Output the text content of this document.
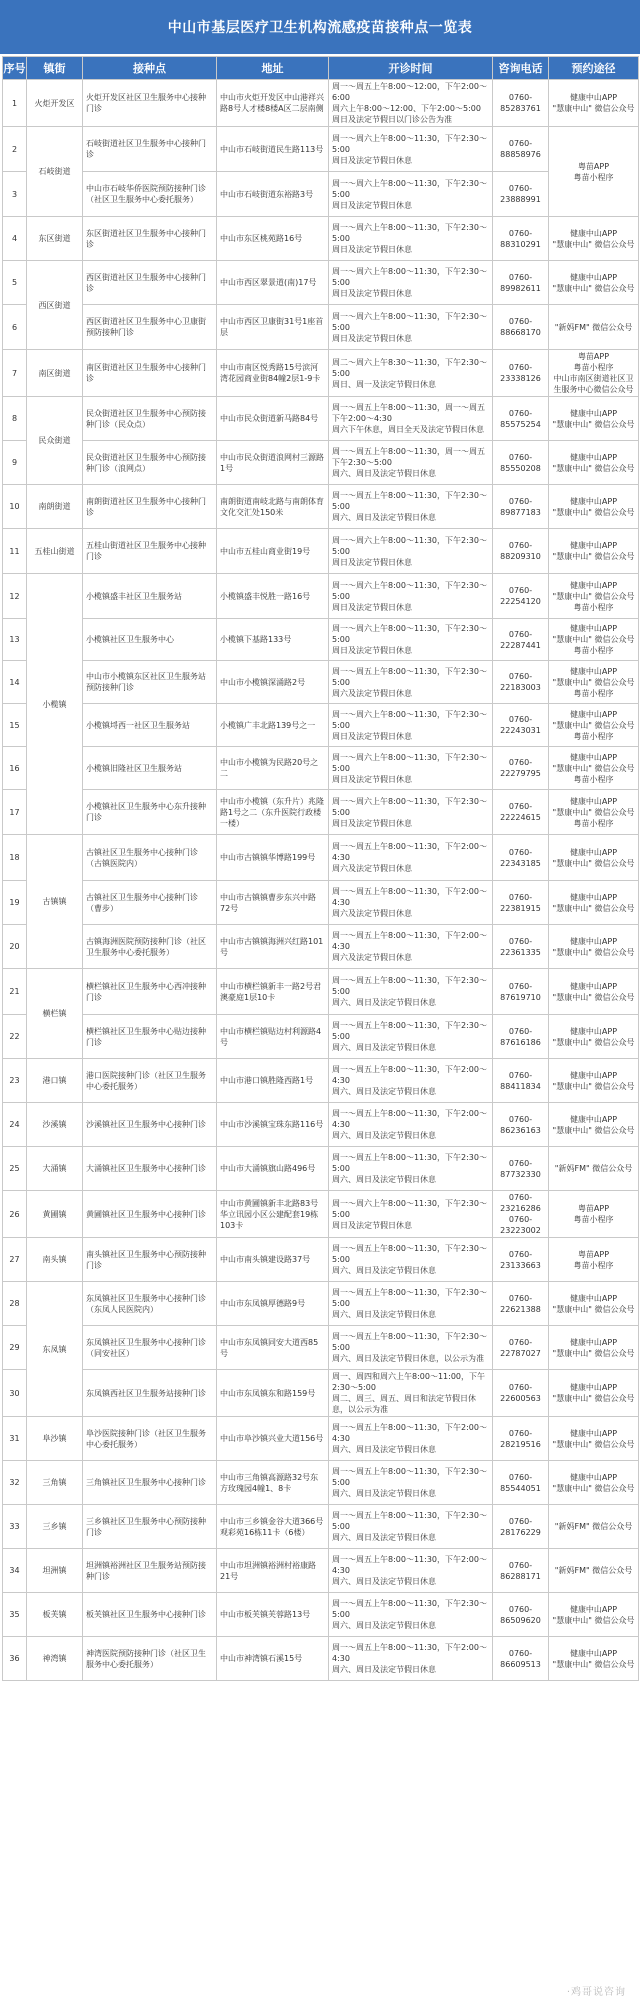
中山市基层医疗卫生机构流感疫苗接种点一览表
序号	镇街	接种点	地址	开诊时间	咨询电话	预约途径
1	火炬开发区	火炬开发区社区卫生服务中心接种门诊	中山市火炬开发区中山港祥兴路8号人才楼8楼A区二层南侧	周一～周五上午8:00～12:00，下午2:00～6:00
周六上午8:00～12:00、下午2:00～5:00
周日及法定节假日以门诊公告为准	0760-
85283761	健康中山APP
"慧康中山" 微信公众号
2	石岐街道	石岐街道社区卫生服务中心接种门诊	中山市石岐街道民生路113号	周一～周六上午8:00～11:30，下午2:30～5:00
周日及法定节假日休息	0760-
88858976	粤苗APP
粤苗小程序
3		中山市石岐华侨医院预防接种门诊（社区卫生服务中心委托服务）	中山市石岐街道东裕路3号	周一～周六上午8:00～11:30，下午2:30～5:00
周日及法定节假日休息	0760-
23888991	
4	东区街道	东区街道社区卫生服务中心接种门诊	中山市东区桃苑路16号	周一～周六上午8:00～11:30，下午2:30～5:00
周日及法定节假日休息	0760-
88310291	健康中山APP
"慧康中山" 微信公众号
5	西区街道	西区街道社区卫生服务中心接种门诊	中山市西区翠景道(南)17号	周一～周六上午8:00～11:30，下午2:30～5:00
周日及法定节假日休息	0760-
89982611	健康中山APP
"慧康中山" 微信公众号
6		西区街道社区卫生服务中心卫康街预防接种门诊	中山市西区卫康街31号1座首层	周一～周六上午8:00～11:30，下午2:30～5:00
周日及法定节假日休息	0760-
88668170	"新妈FM" 微信公众号
7	南区街道	南区街道社区卫生服务中心接种门诊	中山市南区悦秀路15号滨河湾花园商业街84幢2层1-9卡	周二～周六上午8:30～11:30，下午2:30～5:00
周日、周一及法定节假日休息	0760-
23338126	粤苗APP
粤苗小程序
中山市南区街道社区卫生服务中心微信公众号
8	民众街道	民众街道社区卫生服务中心预防接种门诊（民众点）	中山市民众街道新马路84号	周一～周五上午8:00～11:30，周一～周五下午2:00～4:30
周六下午休息，周日全天及法定节假日休息	0760-
85575254	健康中山APP
"慧康中山" 微信公众号
9		民众街道社区卫生服务中心预防接种门诊（浪网点）	中山市民众街道浪网村三源路1号	周一～周五上午8:00～11:30，周一～周五下午2:30～5:00
周六、周日及法定节假日休息	0760-
85550208	健康中山APP
"慧康中山" 微信公众号
10	南朗街道	南朗街道社区卫生服务中心接种门诊	南朗街道南岐北路与南朗体育文化交汇处150米	周一～周五上午8:00～11:30，下午2:30～5:00
周六、周日及法定节假日休息	0760-
89877183	健康中山APP
"慧康中山" 微信公众号
11	五桂山街道	五桂山街道社区卫生服务中心接种门诊	中山市五桂山商业街19号	周一～周六上午8:00～11:30，下午2:30～5:00
周日及法定节假日休息	0760-
88209310	健康中山APP
"慧康中山" 微信公众号
12	小榄镇	小榄镇盛丰社区卫生服务站	小榄镇盛丰悦胜一路16号	周一～周六上午8:00～11:30，下午2:30～5:00
周日及法定节假日休息	0760-
22254120	健康中山APP
"慧康中山" 微信公众号
粤苗小程序
13		小榄镇社区卫生服务中心	小榄镇下基路133号	周一～周六上午8:00～11:30，下午2:30～5:00
周日及法定节假日休息	0760-
22287441	健康中山APP
"慧康中山" 微信公众号
粤苗小程序
14		中山市小榄镇东区社区卫生服务站预防接种门诊	中山市小榄镇深涌路2号	周一～周五上午8:00～11:30，下午2:30～5:00
周六及法定节假日休息	0760-
22183003	健康中山APP
"慧康中山" 微信公众号
粤苗小程序
15		小榄镇埒西一社区卫生服务站	小榄镇广丰北路139号之一	周一～周六上午8:00～11:30，下午2:30～5:00
周日及法定节假日休息	0760-
22243031	健康中山APP
"慧康中山" 微信公众号
粤苗小程序
16		小榄镇旧隆社区卫生服务站	中山市小榄镇为民路20号之二	周一～周六上午8:00～11:30，下午2:30～5:00
周日及法定节假日休息	0760-
22279795	健康中山APP
"慧康中山" 微信公众号
粤苗小程序
17		小榄镇社区卫生服务中心东升接种门诊	中山市小榄镇（东升片）兆隆路1号之二（东升医院行政楼一楼）	周一～周六上午8:00～11:30，下午2:30～5:00
周日及法定节假日休息	0760-
22224615	健康中山APP
"慧康中山" 微信公众号
粤苗小程序
18	古镇镇	古镇社区卫生服务中心接种门诊（古镇医院内）	中山市古镇镇华博路199号	周一～周五上午8:00～11:30，下午2:00～4:30
周六及法定节假日休息	0760-
22343185	健康中山APP
"慧康中山" 微信公众号
19		古镇社区卫生服务中心接种门诊（曹步）	中山市古镇镇曹步东兴中路72号	周一～周五上午8:00～11:30，下午2:00～4:30
周六及法定节假日休息	0760-
22381915	健康中山APP
"慧康中山" 微信公众号
20		古镇海洲医院预防接种门诊（社区卫生服务中心委托服务）	中山市古镇镇海洲兴红路101号	周一～周五上午8:00～11:30，下午2:00～4:30
周六及法定节假日休息	0760-
22361335	健康中山APP
"慧康中山" 微信公众号
21	横栏镇	横栏镇社区卫生服务中心西冲接种门诊	中山市横栏镇新丰一路2号君澳豪庭1层10卡	周一～周五上午8:00～11:30，下午2:30～5:00
周六、周日及法定节假日休息	0760-
87619710	健康中山APP
"慧康中山" 微信公众号
22		横栏镇社区卫生服务中心贴边接种门诊	中山市横栏镇贴边村利源路4号	周一～周五上午8:00～11:30，下午2:30～5:00
周六、周日及法定节假日休息	0760-
87616186	健康中山APP
"慧康中山" 微信公众号
23	港口镇	港口医院接种门诊（社区卫生服务中心委托服务）	中山市港口镇胜隆西路1号	周一～周五上午8:00～11:30，下午2:00～4:30
周六、周日及法定节假日休息	0760-
88411834	健康中山APP
"慧康中山" 微信公众号
24	沙溪镇	沙溪镇社区卫生服务中心接种门诊	中山市沙溪镇宝珠东路116号	周一～周五上午8:00～11:30，下午2:00～4:30
周六、周日及法定节假日休息	0760-
86236163	健康中山APP
"慧康中山" 微信公众号
25	大涌镇	大涌镇社区卫生服务中心接种门诊	中山市大涌镇旗山路496号	周一～周五上午8:00～11:30，下午2:30～5:00
周六、周日及法定节假日休息	0760-
87732330	"新妈FM" 微信公众号
26	黄圃镇	黄圃镇社区卫生服务中心接种门诊	中山市黄圃镇新丰北路83号华立讯园小区公建配套19栋103卡	周一～周六上午8:00～11:30，下午2:30～5:00
周日及法定节假日休息	0760-
23216286
0760-
23223002	粤苗APP
粤苗小程序
27	南头镇	南头镇社区卫生服务中心预防接种门诊	中山市南头镇建设路37号	周一～周五上午8:00～11:30，下午2:30～5:00
周六、周日及法定节假日休息	0760-
23133663	粤苗APP
粤苗小程序
28	东凤镇	东凤镇社区卫生服务中心接种门诊（东凤人民医院内）	中山市东凤镇厚德路9号	周一～周五上午8:00～11:30，下午2:30～5:00
周六、周日及法定节假日休息	0760-
22621388	健康中山APP
"慧康中山" 微信公众号
29		东凤镇社区卫生服务中心接种门诊（同安社区）	中山市东凤镇同安大道西85号	周一～周五上午8:00～11:30，下午2:30～5:00
周六、周日及法定节假日休息，以公示为准	0760-
22787027	健康中山APP
"慧康中山" 微信公众号
30		东凤镇西社区卫生服务站接种门诊	中山市东凤镇东和路159号	周一、周四和周六上午8:00～11:00，下午2:30～5:00
周二、周三、周五、周日和法定节假日休息，以公示为准	0760-
22600563	健康中山APP
"慧康中山" 微信公众号
31	阜沙镇	阜沙医院接种门诊（社区卫生服务中心委托服务）	中山市阜沙镇兴业大道156号	周一～周五上午8:00～11:30，下午2:00～4:30
周六、周日及法定节假日休息	0760-
28219516	健康中山APP
"慧康中山" 微信公众号
32	三角镇	三角镇社区卫生服务中心接种门诊	中山市三角镇高源路32号东方玫瑰园4幢1、8卡	周一～周五上午8:00～11:30，下午2:30～5:00
周六、周日及法定节假日休息	0760-
85544051	健康中山APP
"慧康中山" 微信公众号
33	三乡镇	三乡镇社区卫生服务中心预防接种门诊	中山市三乡镇金谷大道366号观彩苑16栋11卡（6楼）	周一～周五上午8:00～11:30，下午2:30～5:00
周六、周日及法定节假日休息	0760-
28176229	"新妈FM" 微信公众号
34	坦洲镇	坦洲镇裕洲社区卫生服务站预防接种门诊	中山市坦洲镇裕洲村裕康路21号	周一～周五上午8:00～11:30，下午2:00～4:30
周六、周日及法定节假日休息	0760-
86288171	"新妈FM" 微信公众号
35	板芙镇	板芙镇社区卫生服务中心接种门诊	中山市板芙镇芙蓉路13号	周一～周五上午8:00～11:30，下午2:30～5:00
周六、周日及法定节假日休息	0760-
86509620	健康中山APP
"慧康中山" 微信公众号
36	神湾镇	神湾医院预防接种门诊（社区卫生服务中心委托服务）	中山市神湾镇石溪15号	周一～周五上午8:00～11:30，下午2:00～4:30
周六、周日及法定节假日休息	0760-
86609513	健康中山APP
"慧康中山" 微信公众号
·鸡哥说咨询
